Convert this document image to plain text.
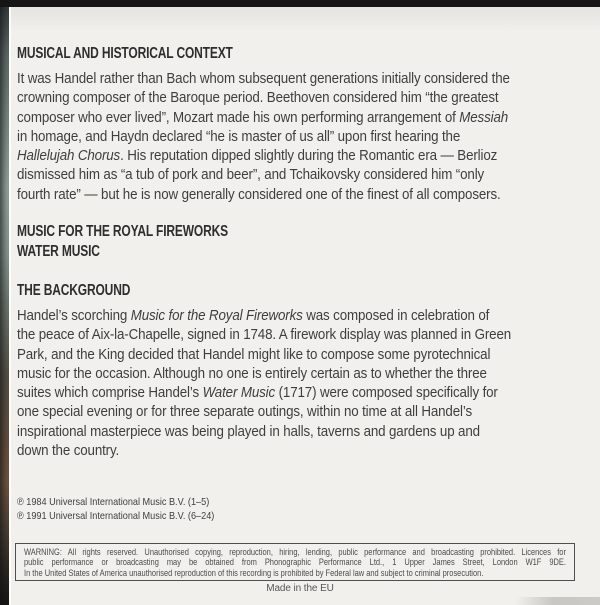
MUSICAL AND HISTORICAL CONTEXT
It was Handel rather than Bach whom subsequent generations initially considered the
crowning composer of the Baroque period. Beethoven considered him “the greatest
composer who ever lived”, Mozart made his own performing arrangement of Messiah
in homage, and Haydn declared “he is master of us all” upon first hearing the
Hallelujah Chorus. His reputation dipped slightly during the Romantic era — Berlioz
dismissed him as “a tub of pork and beer”, and Tchaikovsky considered him “only
fourth rate” — but he is now generally considered one of the finest of all composers.
MUSIC FOR THE ROYAL FIREWORKS
WATER MUSIC
THE BACKGROUND
Handel’s scorching Music for the Royal Fireworks was composed in celebration of
the peace of Aix-la-Chapelle, signed in 1748. A firework display was planned in Green
Park, and the King decided that Handel might like to compose some pyrotechnical
music for the occasion. Although no one is entirely certain as to whether the three
suites which comprise Handel’s Water Music (1717) were composed specifically for
one special evening or for three separate outings, within no time at all Handel’s
inspirational masterpiece was being played in halls, taverns and gardens up and
down the country.
℗ 1984 Universal International Music B.V. (1–5)
℗ 1991 Universal International Music B.V. (6–24)
WARNING: All rights reserved. Unauthorised copying, reproduction, hiring, lending, public performance and broadcasting prohibited. Licences for
public performance or broadcasting may be obtained from Phonographic Performance Ltd., 1 Upper James Street, London W1F 9DE.
In the United States of America unauthorised reproduction of this recording is prohibited by Federal law and subject to criminal prosecution.
Made in the EU
